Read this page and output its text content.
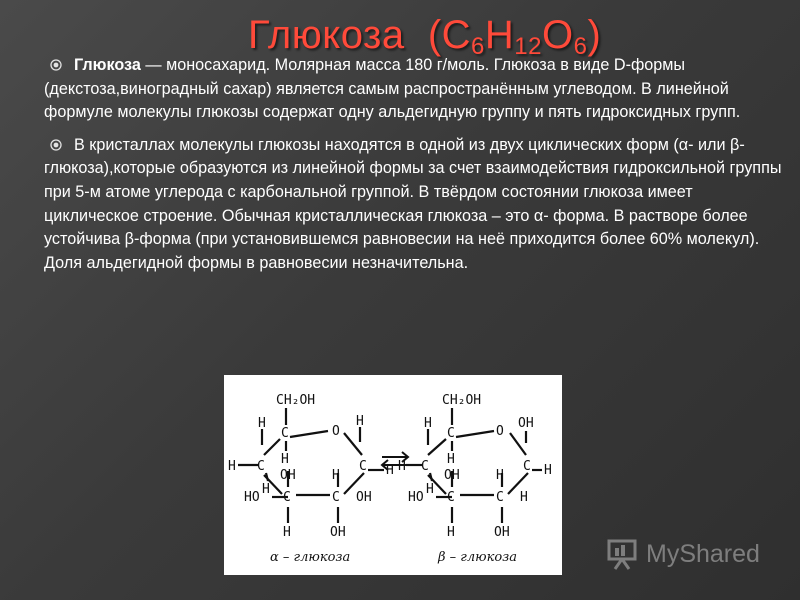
Глюкоза $(C_6H_{12}O_6)$

Глюкоза — моносахарид. Молярная масса 180 г/моль. Глюкоза в виде D-формы (декстоза,виноградный сахар) является самым распространённым углеводом. В линейной формуле молекулы глюкозы содержат одну альдегидную группу и пять гидроксидных групп.

В кристаллах молекулы глюкозы находятся в одной из двух циклических форм (α- или β-глюкоза),которые образуются из линейной формы за счет взаимодействия гидроксильной группы при 5-м атоме углерода с карбональной группой. В твёрдом состоянии глюкоза имеет циклическое строение. Обычная кристаллическая глюкоза – это α- форма. В растворе более устойчива β-форма (при установившемся равновесии на неё приходится более 60% молекул). Доля альдегидной формы в равновесии незначительна.

CH₂OH
C	O
H
H
H
C	C
H	H
H
OH	H
HO C	C OH
H	OH
α – глюкоза
CH₂OH
C	O
H
H
OH
C	C
H	H
H
OH	H
HO C	C H
H	OH
β – глюкоза	MyShared
